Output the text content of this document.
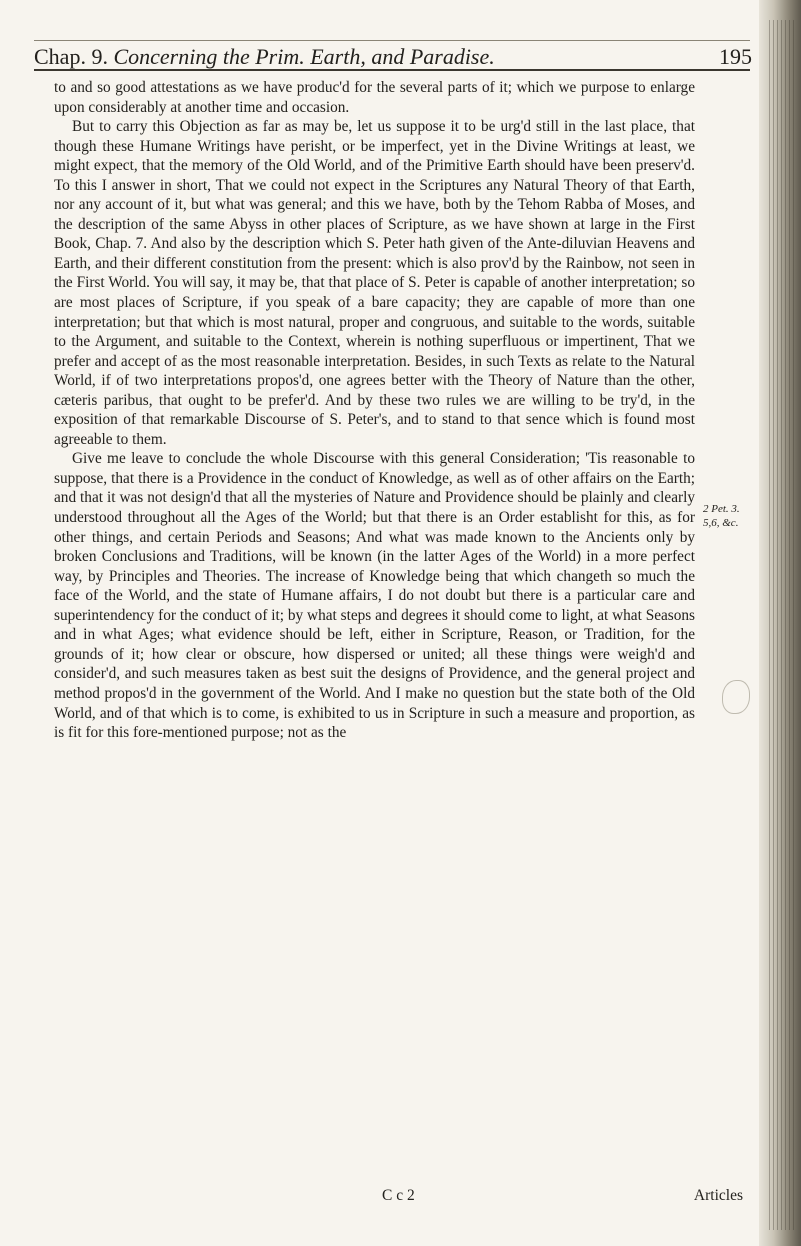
Chap. 9. Concerning the Prim. Earth, and Paradise.	195

to and so good attestations as we have produc'd for the several parts of it; which we purpose to enlarge upon considerably at another time and occasion.

But to carry this Objection as far as may be, let us suppose it to be urg'd still in the last place, that though these Humane Writings have perisht, or be imperfect, yet in the Divine Writings at least, we might expect, that the memory of the Old World, and of the Primitive Earth should have been preserv'd. To this I answer in short, That we could not expect in the Scriptures any Natural Theory of that Earth, nor any account of it, but what was general; and this we have, both by the Tehom Rabba of Moses, and the description of the same Abyss in other places of Scripture, as we have shown at large in the First Book, Chap. 7. And also by the description which S. Peter hath given of the Ante-diluvian Heavens and Earth, and their different constitution from the present: which is also prov'd by the Rainbow, not seen in the First World. You will say, it may be, that that place of S. Peter is capable of another interpretation; so are most places of Scripture, if you speak of a bare capacity; they are capable of more than one interpretation; but that which is most natural, proper and congruous, and suitable to the words, suitable to the Argument, and suitable to the Context, wherein is nothing superfluous or impertinent, That we prefer and accept of as the most reasonable interpretation. Besides, in such Texts as relate to the Natural World, if of two interpretations propos'd, one agrees better with the Theory of Nature than the other, cæteris paribus, that ought to be prefer'd. And by these two rules we are willing to be try'd, in the exposition of that remarkable Discourse of S. Peter's, and to stand to that sence which is found most agreeable to them.

Give me leave to conclude the whole Discourse with this general Consideration; 'Tis reasonable to suppose, that there is a Providence in the conduct of Knowledge, as well as of other affairs on the Earth; and that it was not design'd that all the mysteries of Nature and Providence should be plainly and clearly understood throughout all the Ages of the World; but that there is an Order establisht for this, as for other things, and certain Periods and Seasons; And what was made known to the Ancients only by broken Conclusions and Traditions, will be known (in the latter Ages of the World) in a more perfect way, by Principles and Theories. The increase of Knowledge being that which changeth so much the face of the World, and the state of Humane affairs, I do not doubt but there is a particular care and superintendency for the conduct of it; by what steps and degrees it should come to light, at what Seasons and in what Ages; what evidence should be left, either in Scripture, Reason, or Tradition, for the grounds of it; how clear or obscure, how dispersed or united; all these things were weigh'd and consider'd, and such measures taken as best suit the designs of Providence, and the general project and method propos'd in the government of the World. And I make no question but the state both of the Old World, and of that which is to come, is exhibited to us in Scripture in such a measure and proportion, as is fit for this fore-mentioned purpose; not as the

2 Pet. 3. 5,6, &c.
C c 2	Articles
